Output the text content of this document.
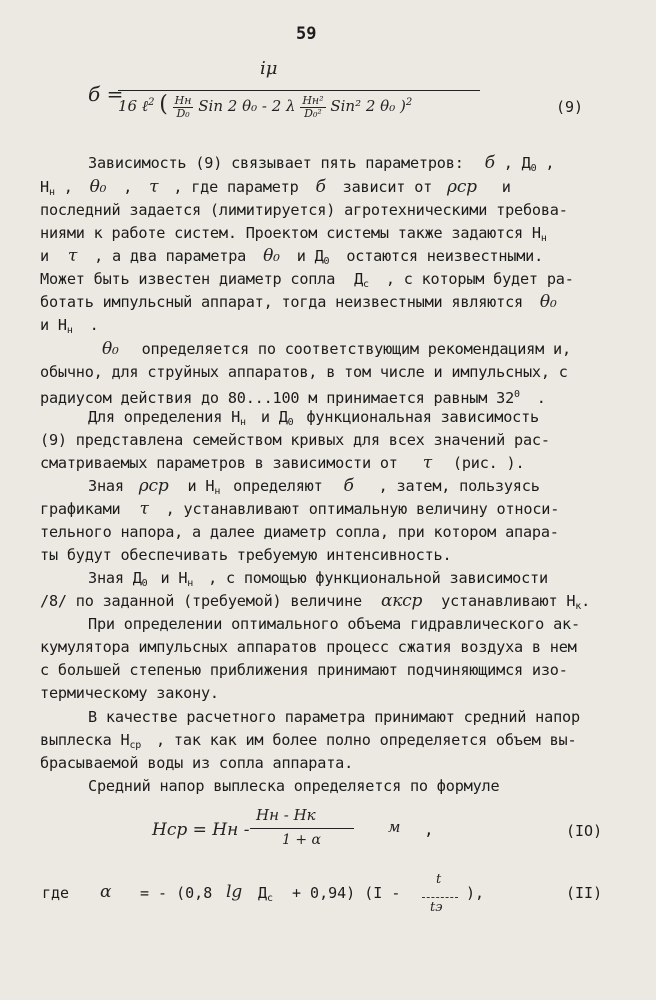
59
б =
iμ
16 ℓ$^2$ ( Hн
D₀ Sin 2 θ₀ - 2 λ Hн²
D₀² Sin² 2 θ₀ )$^2$	(9)
Зависимость (9) связывает пять параметров: б , $Д_0$ ,
$Н_н$ , θ₀ , τ , где параметр б зависит от ρср и
последний задается (лимитируется) агротехническими требова-
ниями к работе систем. Проектом системы также задаются $Н_н$
и τ , а два параметра θ₀ и $Д_0$ остаются неизвестными.
Может быть известен диаметр сопла $Д_с$ , с которым будет ра-
ботать импульсный аппарат, тогда неизвестными являются θ₀
и $Н_н$ .
θ₀ определяется по соответствующим рекомендациям и,
обычно, для струйных аппаратов, в том числе и импульсных, с
радиусом действия до 80...100 м принимается равным $32^0$ .
Для определения $Н_н$ и $Д_0$ функциональная зависимость
(9) представлена семейством кривых для всех значений рас-
сматриваемых параметров в зависимости от τ (рис. ).
Зная ρср и $Н_н$ определяют б , затем, пользуясь
графиками τ , устанавливают оптимальную величину относи-
тельного напора, а далее диаметр сопла, при котором апара-
ты будут обеспечивать требуемую интенсивность.
Зная $Д_0$ и $Н_н$ , с помощью функциональной зависимости
/8/ по заданной (требуемой) величине αкср устанавливают $Н_к$.
При определении оптимального объема гидравлического ак-
кумулятора импульсных аппаратов процесс сжатия воздуха в нем
с большей степенью приближения принимают подчиняющимся изо-
термическому закону.
В качестве расчетного параметра принимают средний напор
выплеска $Н_{ср}$ , так как им более полно определяется объем вы-
брасываемой воды из сопла аппарата.
Средний напор выплеска определяется по формуле
Hср = Hн -
Hн - Hк
1 + α
м ,	(IO)
где α = - (0,8 $\lg Д_с + 0,94$) (I -
t
tэ
),	(II)
